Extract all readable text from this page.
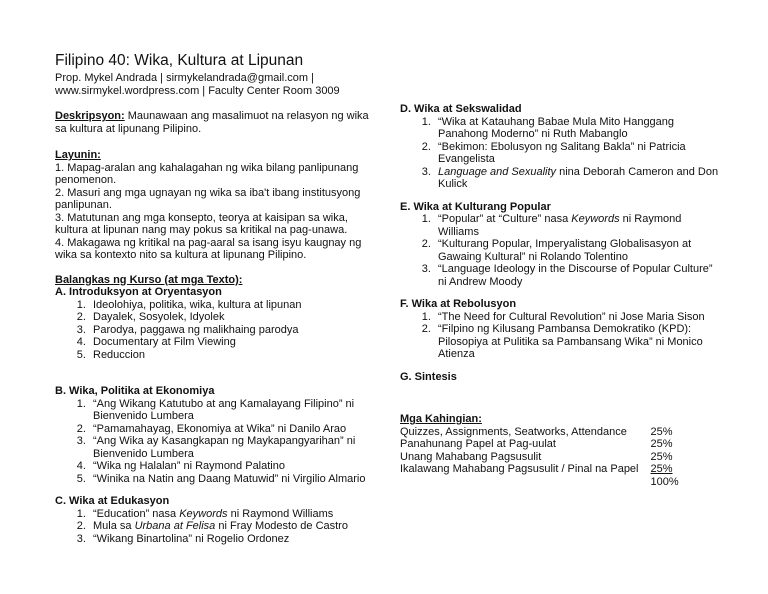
Filipino 40: Wika, Kultura at Lipunan
Prop. Mykel Andrada | sirmykelandrada@gmail.com |
www.sirmykel.wordpress.com | Faculty Center Room 3009
Deskripsyon: Maunawaan ang masalimuot na relasyon ng wika sa kultura at lipunang Pilipino.
Layunin:
1. Mapag-aralan ang kahalagahan ng wika bilang panlipunang penomenon.
2. Masuri ang mga ugnayan ng wika sa iba't ibang institusyong panlipunan.
3. Matutunan ang mga konsepto, teorya at kaisipan sa wika, kultura at lipunan nang may pokus sa kritikal na pag-unawa.
4. Makagawa ng kritikal na pag-aaral sa isang isyu kaugnay ng wika sa kontexto nito sa kultura at lipunang Pilipino.
Balangkas ng Kurso (at mga Texto):
A. Introduksyon at Oryentasyon
1. Ideolohiya, politika, wika, kultura at lipunan
2. Dayalek, Sosyolek, Idyolek
3. Parodya, paggawa ng malikhaing parodya
4. Documentary at Film Viewing
5. Reduccion
B. Wika, Politika at Ekonomiya
1. “Ang Wikang Katutubo at ang Kamalayang Filipino” ni Bienvenido Lumbera
2. “Pamamahayag, Ekonomiya at Wika” ni Danilo Arao
3. “Ang Wika ay Kasangkapan ng Maykapangyarihan” ni Bienvenido Lumbera
4. “Wika ng Halalan” ni Raymond Palatino
5. “Winika na Natin ang Daang Matuwid” ni Virgilio Almario
C. Wika at Edukasyon
1. “Education” nasa Keywords ni Raymond Williams
2. Mula sa Urbana at Felisa ni Fray Modesto de Castro
3. “Wikang Binartolina” ni Rogelio Ordonez
D. Wika at Sekswalidad
1. “Wika at Katauhang Babae Mula Mito Hanggang Panahong Moderno” ni Ruth Mabanglo
2. “Bekimon: Ebolusyon ng Salitang Bakla” ni Patricia Evangelista
3. Language and Sexuality nina Deborah Cameron and Don Kulick
E. Wika at Kulturang Popular
1. “Popular” at “Culture” nasa Keywords ni Raymond Williams
2. “Kulturang Popular, Imperyalistang Globalisasyon at Gawaing Kultural” ni Rolando Tolentino
3. “Language Ideology in the Discourse of Popular Culture” ni Andrew Moody
F. Wika at Rebolusyon
1. “The Need for Cultural Revolution” ni Jose Maria Sison
2. “Filpino ng Kilusang Pambansa Demokratiko (KPD): Pilosopiya at Pulitika sa Pambansang Wika” ni Monico Atienza
G. Sintesis
Mga Kahingian:
Quizzes, Assignments, Seatworks, Attendance	25%
Panahunang Papel at Pag-uulat	25%
Unang Mahabang Pagsusulit	25%
Ikalawang Mahabang Pagsusulit / Pinal na Papel	25%
	100%
